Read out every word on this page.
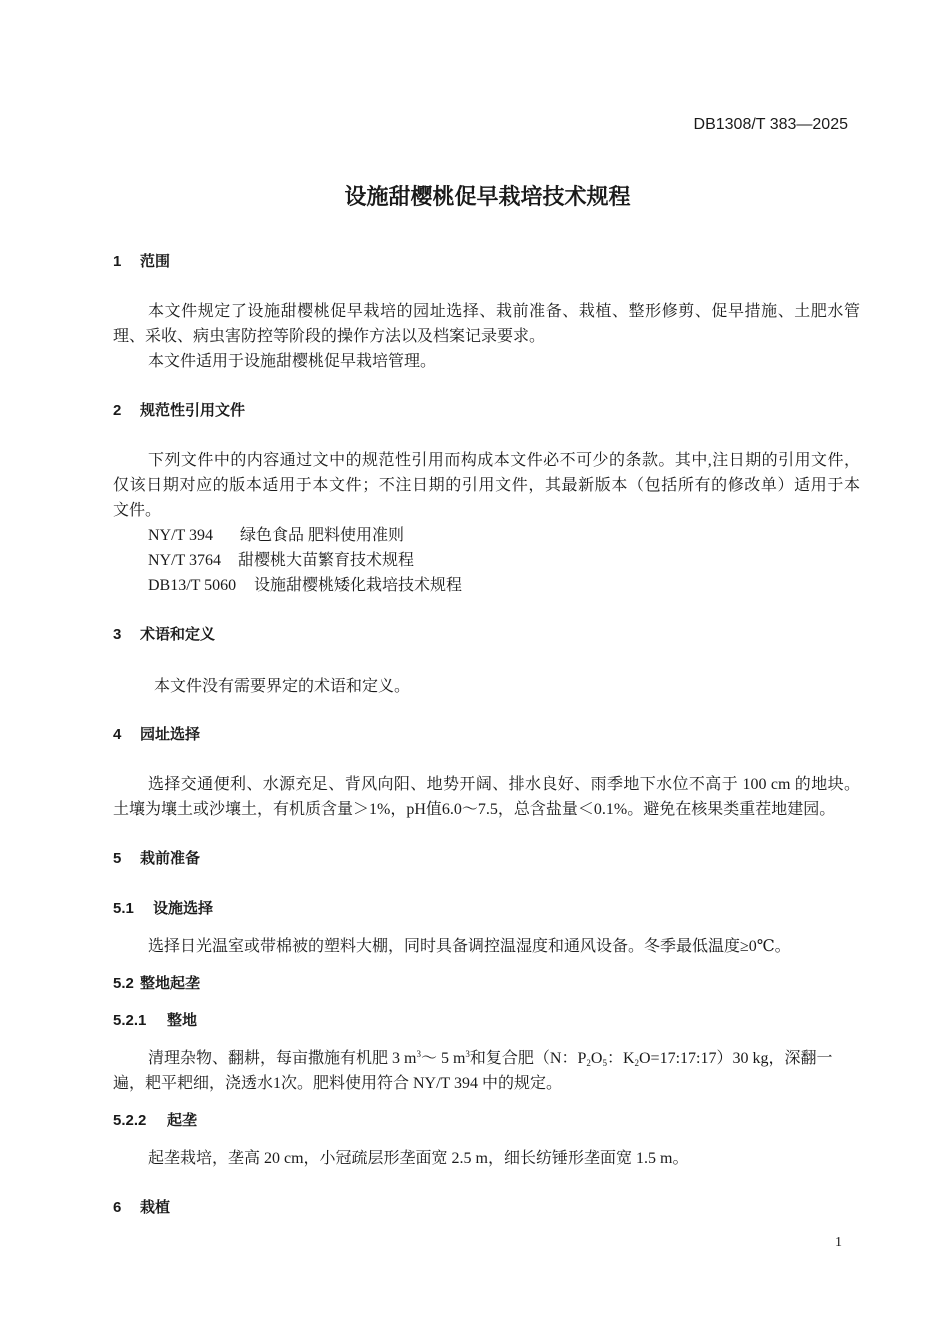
DB1308/T 383—2025
设施甜樱桃促早栽培技术规程
1 范围
本文件规定了设施甜樱桃促早栽培的园址选择、栽前准备、栽植、整形修剪、促早措施、土肥水管
理、采收、病虫害防控等阶段的操作方法以及档案记录要求。
本文件适用于设施甜樱桃促早栽培管理。
2 规范性引用文件
下列文件中的内容通过文中的规范性引用而构成本文件必不可少的条款。其中,注日期的引用文件，
仅该日期对应的版本适用于本文件；不注日期的引用文件，其最新版本（包括所有的修改单）适用于本
文件。
NY/T 394 绿色食品 肥料使用准则
NY/T 3764 甜樱桃大苗繁育技术规程
DB13/T 5060 设施甜樱桃矮化栽培技术规程
3 术语和定义
本文件没有需要界定的术语和定义。
4 园址选择
选择交通便利、水源充足、背风向阳、地势开阔、排水良好、雨季地下水位不高于 100 cm 的地块。
土壤为壤土或沙壤土，有机质含量＞1%，pH值6.0～7.5，总含盐量＜0.1%。避免在核果类重茬地建园。
5 栽前准备
5.1 设施选择
选择日光温室或带棉被的塑料大棚，同时具备调控温湿度和通风设备。冬季最低温度≥0℃。
5.2 整地起垄
5.2.1 整地
清理杂物、翻耕，每亩撒施有机肥 3 $m^3\sim$ 5 $m^3$和复合肥（N：$P_2O_5$：$K_2O=17:17:17)30$ kg，深翻一
遍，耙平耙细，浇透水1次。肥料使用符合 NY/T 394 中的规定。
5.2.2 起垄
起垄栽培，垄高 20 cm，小冠疏层形垄面宽 2.5 m，细长纺锤形垄面宽 1.5 m。
6 栽植
1
